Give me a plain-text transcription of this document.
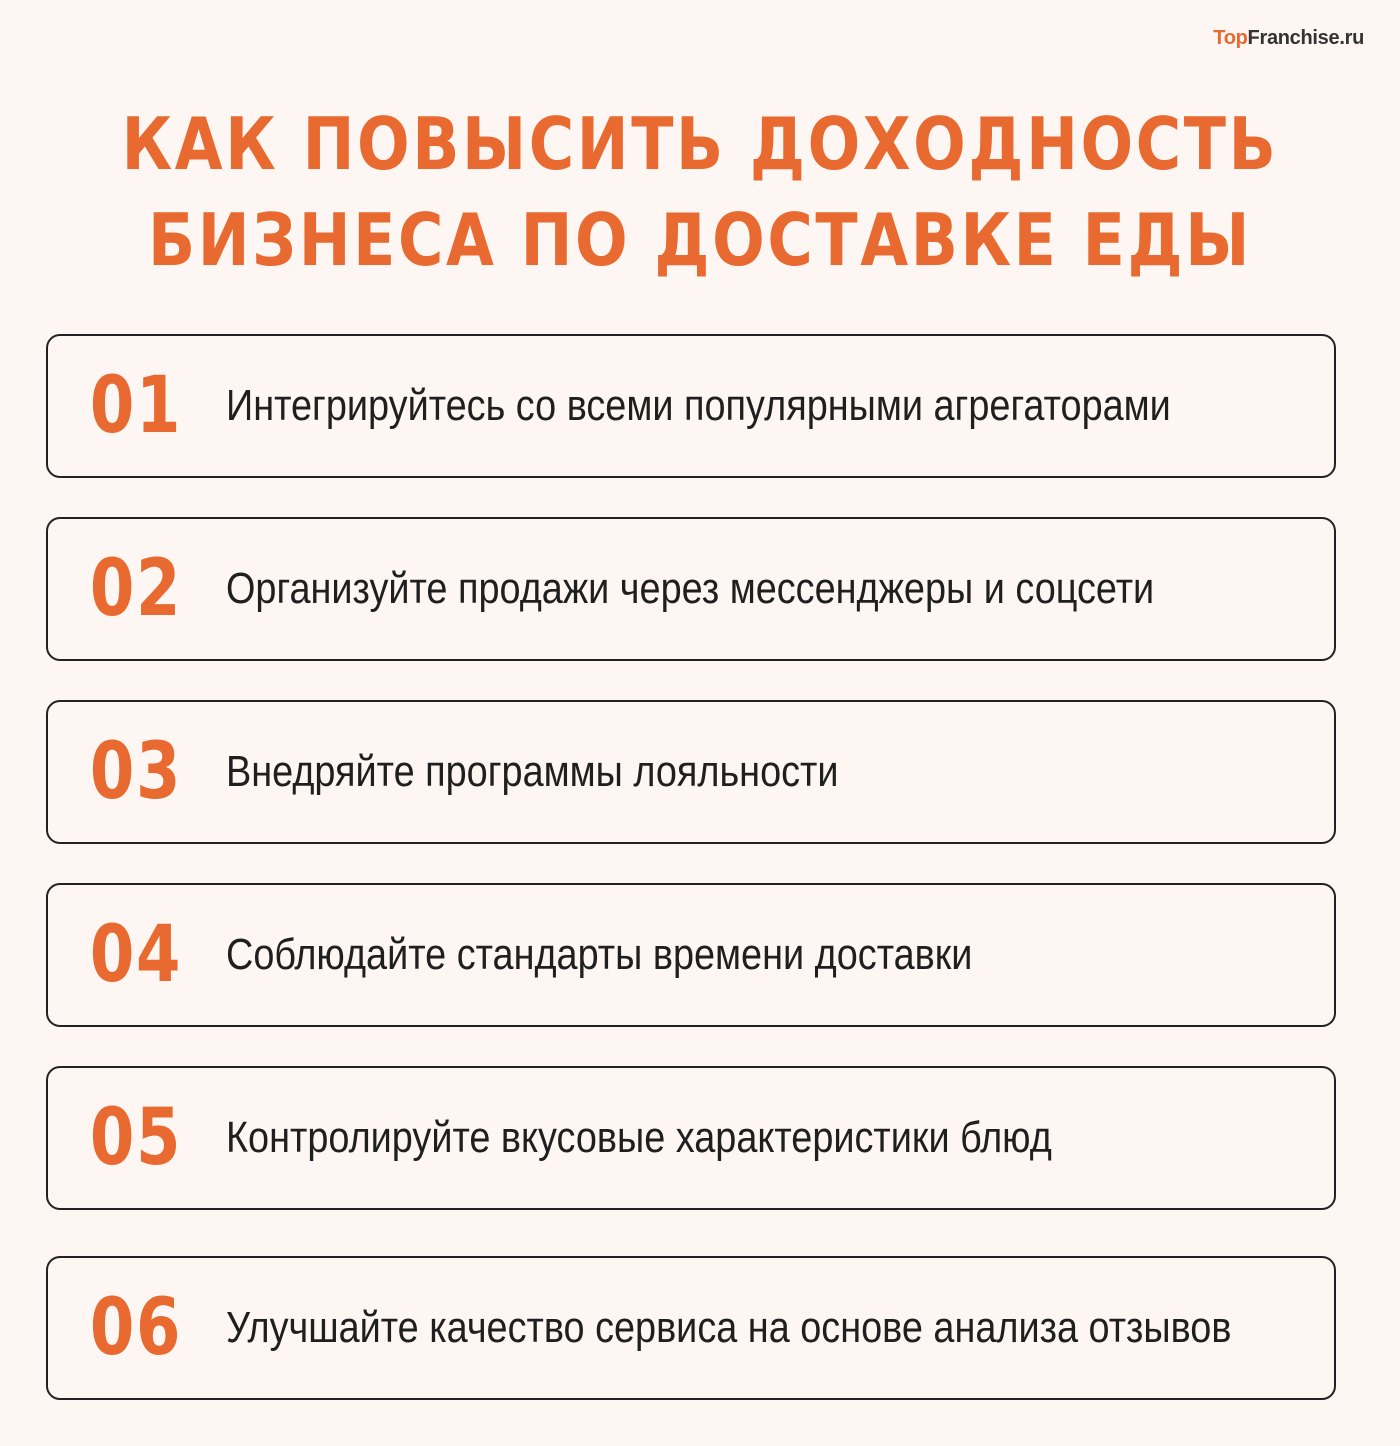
TopFranchise.ru
КАК ПОВЫСИТЬ ДОХОДНОСТЬ
БИЗНЕСА ПО ДОСТАВКЕ ЕДЫ
01 Интегрируйтесь со всеми популярными агрегаторами
02 Организуйте продажи через мессенджеры и соцсети
03 Внедряйте программы лояльности
04 Соблюдайте стандарты времени доставки
05 Контролируйте вкусовые характеристики блюд
06 Улучшайте качество сервиса на основе анализа отзывов
